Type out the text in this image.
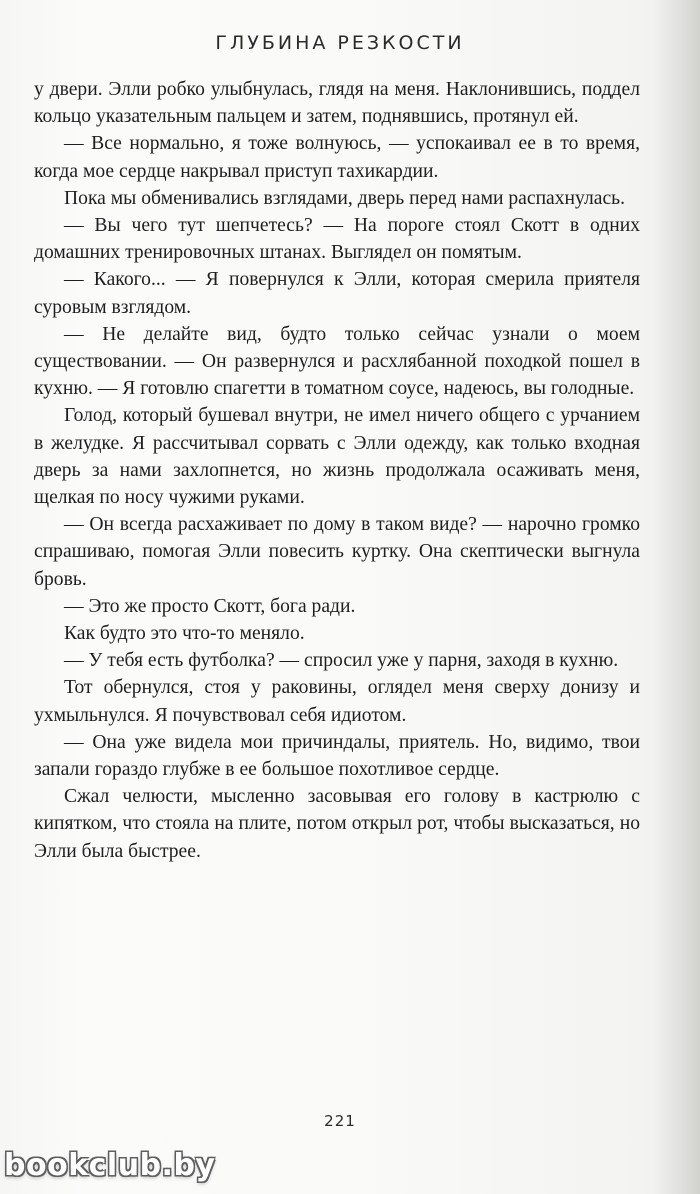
ГЛУБИНА РЕЗКОСТИ

у двери. Элли робко улыбнулась, глядя на меня. Наклонившись, поддел кольцо указательным пальцем и затем, поднявшись, протянул ей.

— Все нормально, я тоже волнуюсь, — успокаивал ее в то время, когда мое сердце накрывал приступ тахикардии.

Пока мы обменивались взглядами, дверь перед нами распахнулась.

— Вы чего тут шепчетесь? — На пороге стоял Скотт в одних домашних тренировочных штанах. Выглядел он помятым.

— Какого... — Я повернулся к Элли, которая смерила приятеля суровым взглядом.

— Не делайте вид, будто только сейчас узнали о моем существовании. — Он развернулся и расхлябанной походкой пошел в кухню. — Я готовлю спагетти в томатном соусе, надеюсь, вы голодные.

Голод, который бушевал внутри, не имел ничего общего с урчанием в желудке. Я рассчитывал сорвать с Элли одежду, как только входная дверь за нами захлопнется, но жизнь продолжала осаживать меня, щелкая по носу чужими руками.

— Он всегда расхаживает по дому в таком виде? — нарочно громко спрашиваю, помогая Элли повесить куртку. Она скептически выгнула бровь.

— Это же просто Скотт, бога ради.

Как будто это что-то меняло.

— У тебя есть футболка? — спросил уже у парня, заходя в кухню.

Тот обернулся, стоя у раковины, оглядел меня сверху донизу и ухмыльнулся. Я почувствовал себя идиотом.

— Она уже видела мои причиндалы, приятель. Но, видимо, твои запали гораздо глубже в ее большое похотливое сердце.

Сжал челюсти, мысленно засовывая его голову в кастрюлю с кипятком, что стояла на плите, потом открыл рот, чтобы высказаться, но Элли была быстрее.

221
bookclub.by
